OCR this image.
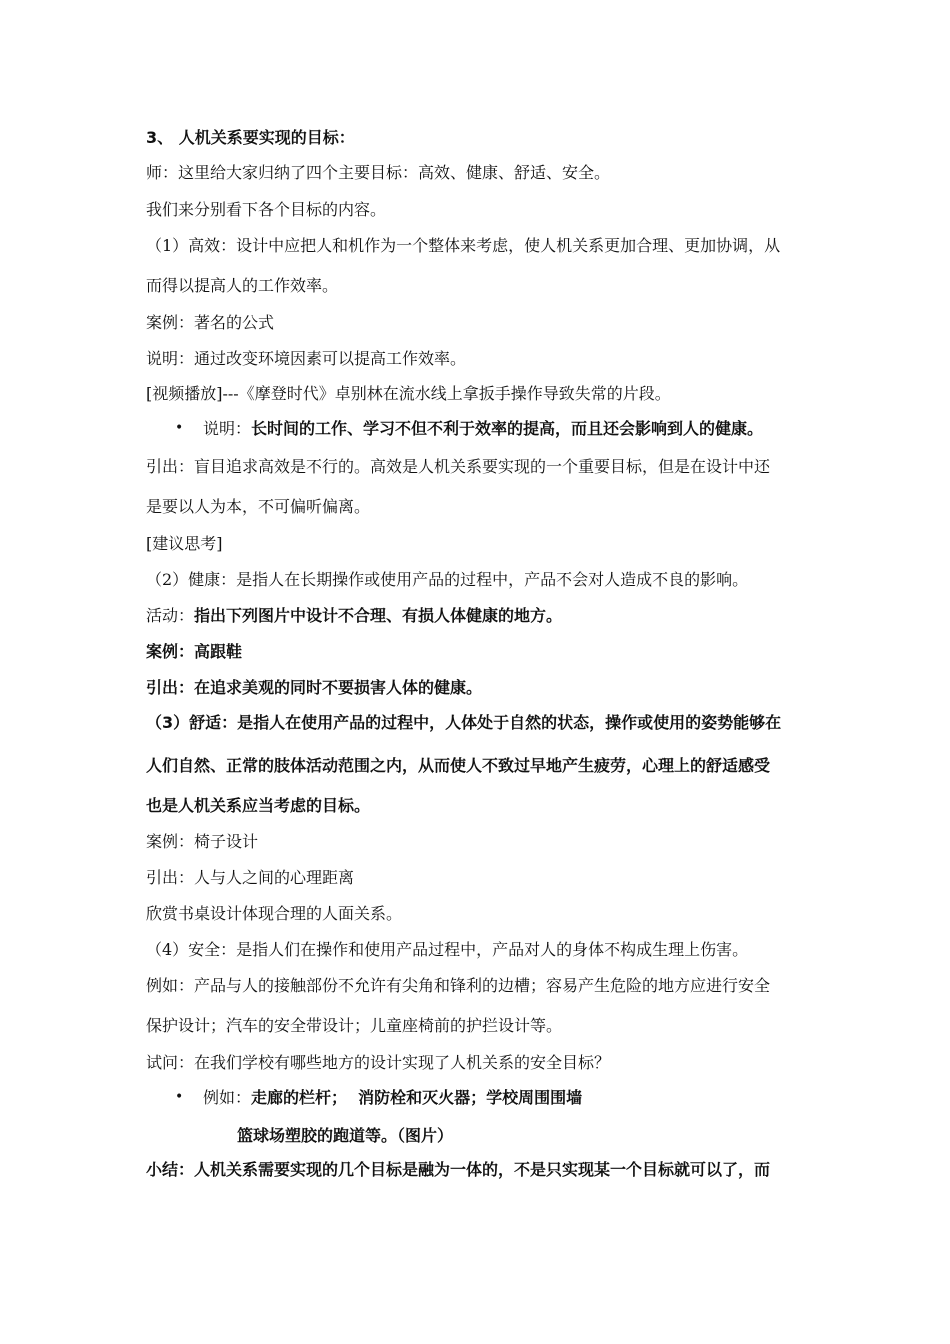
3、 人机关系要实现的目标：
师：这里给大家归纳了四个主要目标：高效、健康、舒适、安全。
我们来分别看下各个目标的内容。
（1）高效：设计中应把人和机作为一个整体来考虑，使人机关系更加合理、更加协调，从
而得以提高人的工作效率。
案例：著名的公式
说明：通过改变环境因素可以提高工作效率。
[视频播放]---《摩登时代》卓别林在流水线上拿扳手操作导致失常的片段。
• 说明：长时间的工作、学习不但不利于效率的提高，而且还会影响到人的健康。
引出：盲目追求高效是不行的。高效是人机关系要实现的一个重要目标，但是在设计中还
是要以人为本，不可偏听偏离。
[建议思考]
（2）健康：是指人在长期操作或使用产品的过程中，产品不会对人造成不良的影响。
活动：指出下列图片中设计不合理、有损人体健康的地方。
案例：高跟鞋
引出：在追求美观的同时不要损害人体的健康。
（3）舒适：是指人在使用产品的过程中，人体处于自然的状态，操作或使用的姿势能够在
人们自然、正常的肢体活动范围之内，从而使人不致过早地产生疲劳，心理上的舒适感受
也是人机关系应当考虑的目标。
案例：椅子设计
引出：人与人之间的心理距离
欣赏书桌设计体现合理的人面关系。
（4）安全：是指人们在操作和使用产品过程中，产品对人的身体不构成生理上伤害。
例如：产品与人的接触部份不允许有尖角和锋利的边槽；容易产生危险的地方应进行安全
保护设计；汽车的安全带设计；儿童座椅前的护拦设计等。
试问：在我们学校有哪些地方的设计实现了人机关系的安全目标？
• 例如：走廊的栏杆；  消防栓和灭火器；学校周围围墙
篮球场塑胶的跑道等。（图片）
小结：人机关系需要实现的几个目标是融为一体的，不是只实现某一个目标就可以了，而
